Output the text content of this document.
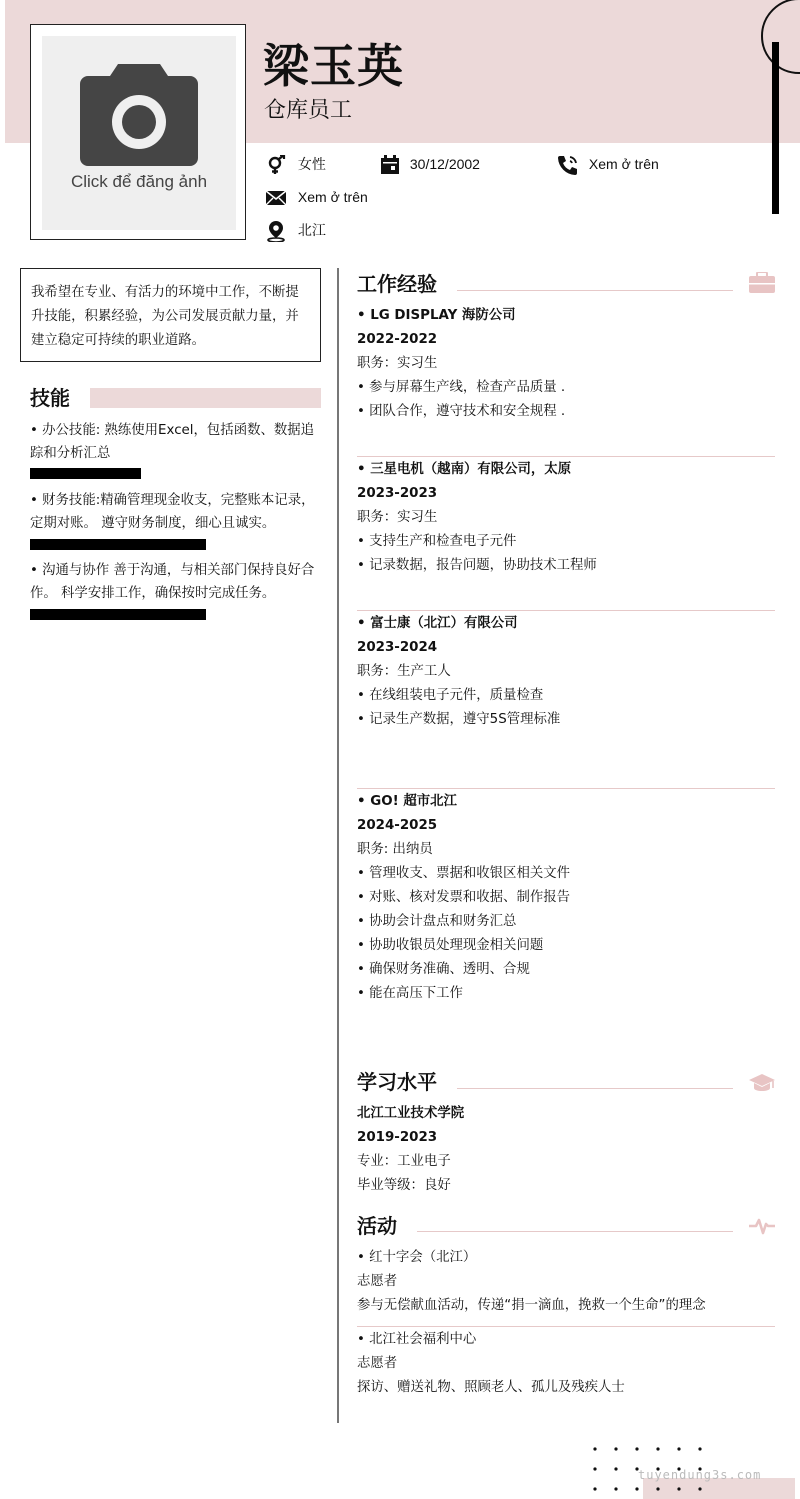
Click để đăng ảnh
梁玉英
仓库员工
女性	30/12/2002	Xem ở trên
Xem ở trên
北江
我希望在专业、有活力的环境中工作，不断提升技能，积累经验，为公司发展贡献力量，并建立稳定可持续的职业道路。
技能
• 办公技能: 熟练使用Excel，包括函数、数据追踪和分析汇总
• 财务技能:精确管理现金收支，完整账本记录，定期对账。 遵守财务制度，细心且诚实。
• 沟通与协作 善于沟通，与相关部门保持良好合作。 科学安排工作，确保按时完成任务。
工作经验
• LG DISPLAY 海防公司
2022-2022
职务：实习生
• 参与屏幕生产线，检查产品质量 .
• 团队合作，遵守技术和安全规程 .
• 三星电机（越南）有限公司，太原
2023-2023
职务：实习生
• 支持生产和检查电子元件
• 记录数据，报告问题，协助技术工程师
• 富士康（北江）有限公司
2023-2024
职务：生产工人
• 在线组装电子元件，质量检查
• 记录生产数据，遵守5S管理标准
• GO! 超市北江
2024-2025
职务: 出纳员
• 管理收支、票据和收银区相关文件
• 对账、核对发票和收据、制作报告
• 协助会计盘点和财务汇总
• 协助收银员处理现金相关问题
• 确保财务准确、透明、合规
• 能在高压下工作
学习水平
北江工业技术学院
2019-2023
专业：工业电子
毕业等级：良好
活动
• 红十字会（北江）
志愿者
参与无偿献血活动，传递“捐一滴血，挽救一个生命”的理念
• 北江社会福利中心
志愿者
探访、赠送礼物、照顾老人、孤儿及残疾人士
tuyendung3s.com
